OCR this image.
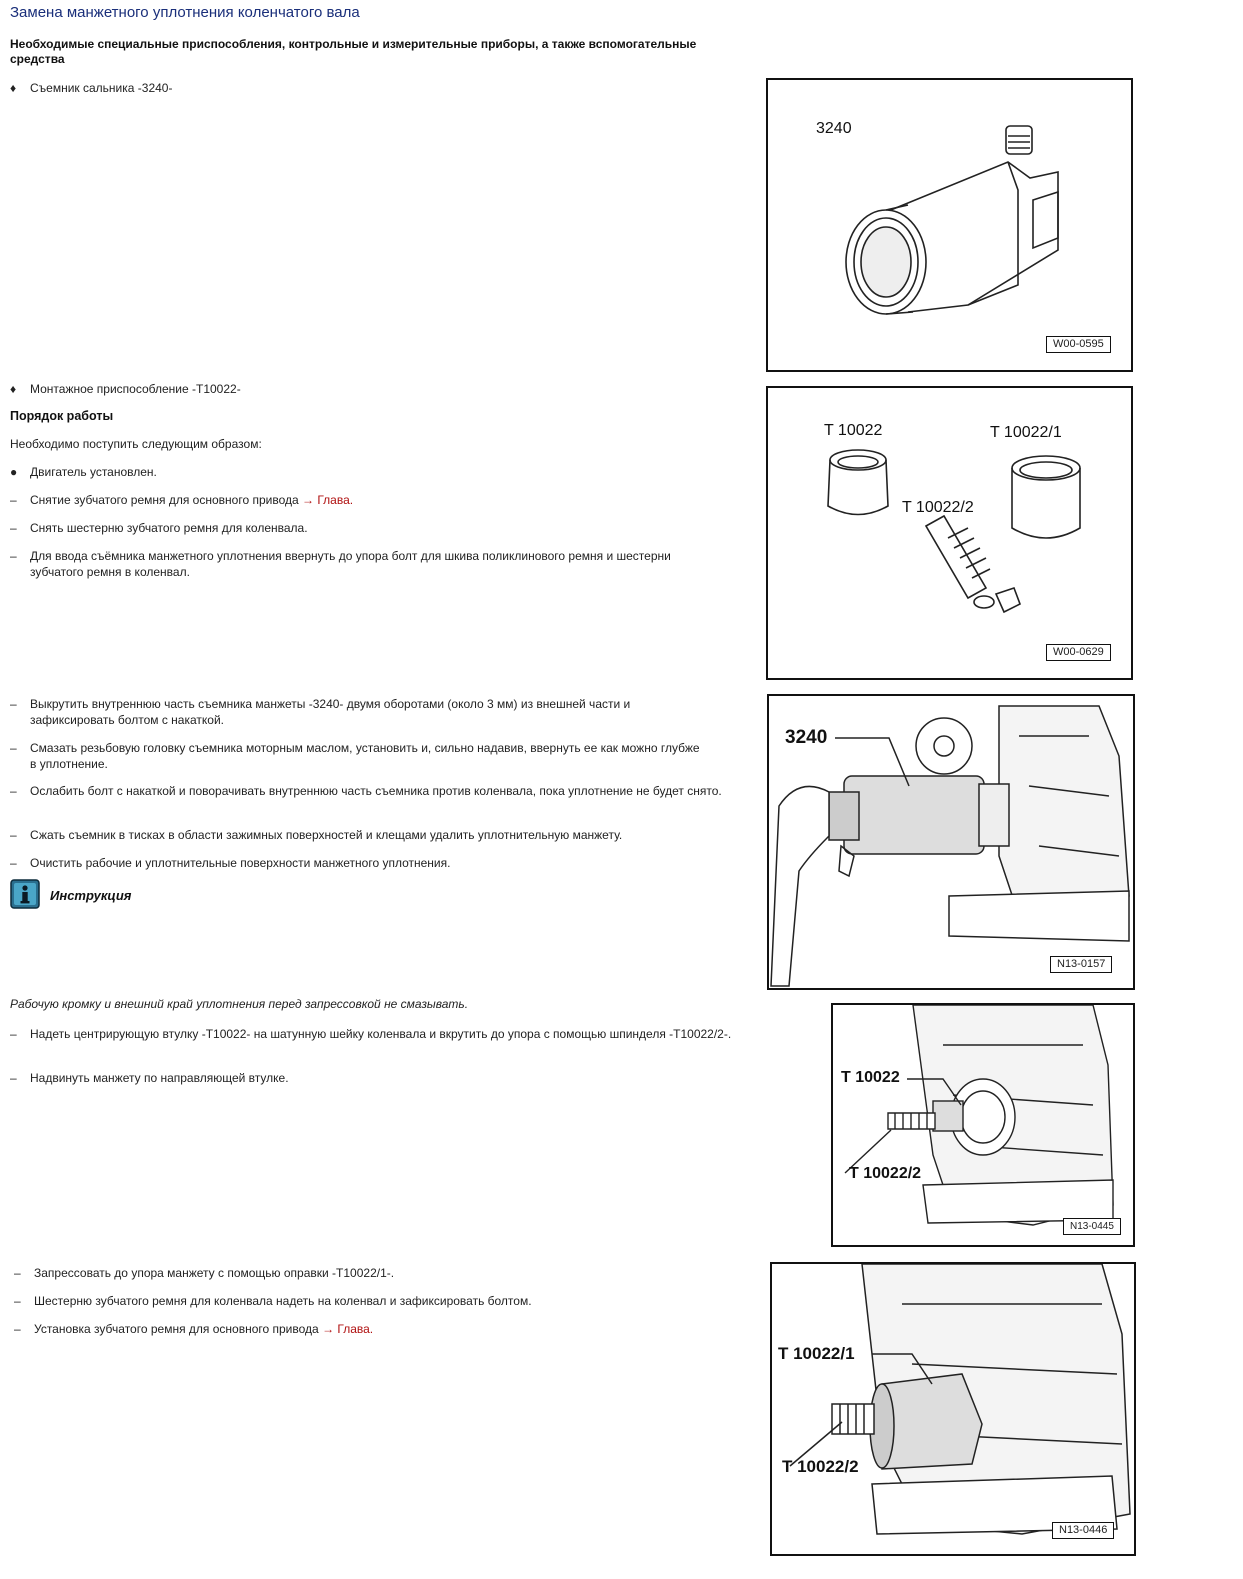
Замена манжетного уплотнения коленчатого вала
Необходимые специальные приспособления, контрольные и измерительные приборы, а также вспомогательные средства
♦	Съемник сальника -3240-
♦	Монтажное приспособление -T10022-
Порядок работы
Необходимо поступить следующим образом:
●	Двигатель установлен.
–	Снятие зубчатого ремня для основного привода → Глава.
–	Снять шестерню зубчатого ремня для коленвала.
–	Для ввода съёмника манжетного уплотнения ввернуть до упора болт для шкива поликлинового ремня и шестерни зубчатого ремня в коленвал.
–	Выкрутить внутреннюю часть съемника манжеты -3240- двумя оборотами (около 3 мм) из внешней части и зафиксировать болтом с накаткой.
–	Смазать резьбовую головку съемника моторным маслом, установить и, сильно надавив, ввернуть ее как можно глубже в уплотнение.
–	Ослабить болт с накаткой и поворачивать внутреннюю часть съемника против коленвала, пока уплотнение не будет снято.
–	Сжать съемник в тисках в области зажимных поверхностей и клещами удалить уплотнительную манжету.
–	Очистить рабочие и уплотнительные поверхности манжетного уплотнения.
Инструкция
Рабочую кромку и внешний край уплотнения перед запрессовкой не смазывать.
–	Надеть центрирующую втулку -T10022- на шатунную шейку коленвала и вкрутить до упора с помощью шпинделя -T10022/2-.
–	Надвинуть манжету по направляющей втулке.
–	Запрессовать до упора манжету с помощью оправки -T10022/1-.
–	Шестерню зубчатого ремня для коленвала надеть на коленвал и зафиксировать болтом.
–	Установка зубчатого ремня для основного привода → Глава.
3240
W00-0595
T 10022	T 10022/1
T 10022/2
W00-0629
3240
N13-0157
T 10022
T 10022/2
N13-0445
T 10022/1
T 10022/2
N13-0446
